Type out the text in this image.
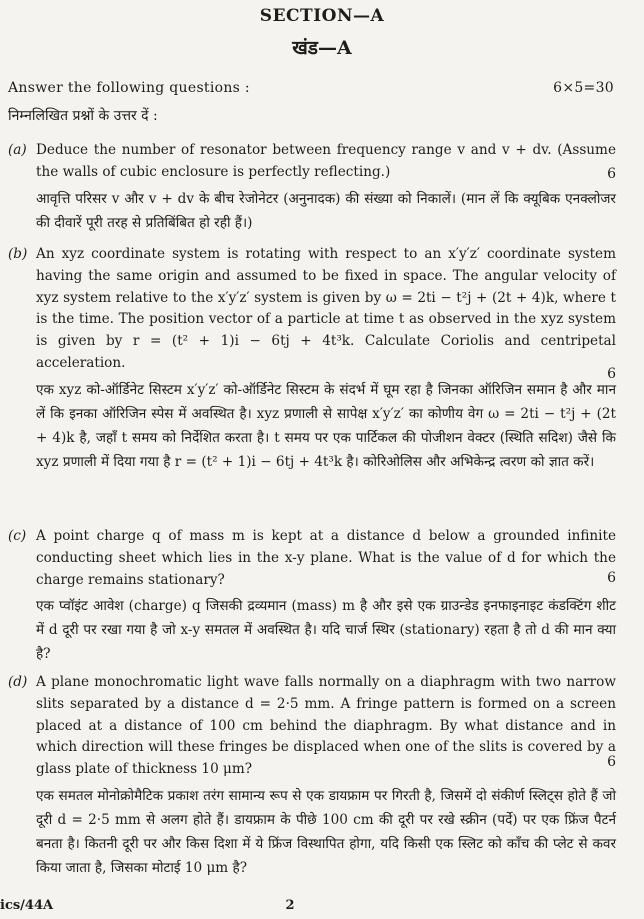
SECTION—A
खंड—A
Answer the following questions :	6×5=30
निम्नलिखित प्रश्नों के उत्तर दें :
(a) Deduce the number of resonator between frequency range v and v + dv. (Assume the walls of cubic enclosure is perfectly reflecting.)	6
आवृत्ति परिसर v और v + dv के बीच रेजोनेटर (अनुनादक) की संख्या को निकालें। (मान लें कि क्यूबिक एनक्लोजर की दीवारें पूरी तरह से प्रतिबिंबित हो रही हैं।)
(b) An xyz coordinate system is rotating with respect to an x′y′z′ coordinate system having the same origin and assumed to be fixed in space. The angular velocity of xyz system relative to the x′y′z′ system is given by ω = 2ti − t²j + (2t + 4)k, where t is the time. The position vector of a particle at time t as observed in the xyz system is given by r = (t² + 1)i − 6tj + 4t³k. Calculate Coriolis and centripetal acceleration.
6
एक xyz को-ऑर्डिनेट सिस्टम x′y′z′ को-ऑर्डिनेट सिस्टम के संदर्भ में घूम रहा है जिनका ऑरिजिन समान है और मान लें कि इनका ऑरिजिन स्पेस में अवस्थित है। xyz प्रणाली से सापेक्ष x′y′z′ का कोणीय वेग ω = 2ti − t²j + (2t + 4)k है, जहाँ t समय को निर्देशित करता है। t समय पर एक पार्टिकल की पोजीशन वेक्टर (स्थिति सदिश) जैसे कि xyz प्रणाली में दिया गया है r = (t² + 1)i − 6tj + 4t³k है। कोरिओलिस और अभिकेन्द्र त्वरण को ज्ञात करें।
(c) A point charge q of mass m is kept at a distance d below a grounded infinite conducting sheet which lies in the x-y plane. What is the value of d for which the charge remains stationary?	6
एक प्वॉइंट आवेश (charge) q जिसकी द्रव्यमान (mass) m है और इसे एक ग्राउन्डेड इनफाइनाइट कंडक्टिंग शीट में d दूरी पर रखा गया है जो x-y समतल में अवस्थित है। यदि चार्ज स्थिर (stationary) रहता है तो d की मान क्या है?
(d) A plane monochromatic light wave falls normally on a diaphragm with two narrow slits separated by a distance d = 2·5 mm. A fringe pattern is formed on a screen placed at a distance of 100 cm behind the diaphragm. By what distance and in which direction will these fringes be displaced when one of the slits is covered by a glass plate of thickness 10 μm?	6
एक समतल मोनोक्रोमैटिक प्रकाश तरंग सामान्य रूप से एक डायफ्राम पर गिरती है, जिसमें दो संकीर्ण स्लिट्स होते हैं जो दूरी d = 2·5 mm से अलग होते हैं। डायफ्राम के पीछे 100 cm की दूरी पर रखे स्क्रीन (पर्दे) पर एक फ्रिंज पैटर्न बनता है। कितनी दूरी पर और किस दिशा में ये फ्रिंज विस्थापित होगा, यदि किसी एक स्लिट को काँच की प्लेट से कवर किया जाता है, जिसका मोटाई 10 μm है?
ics/44A	2
